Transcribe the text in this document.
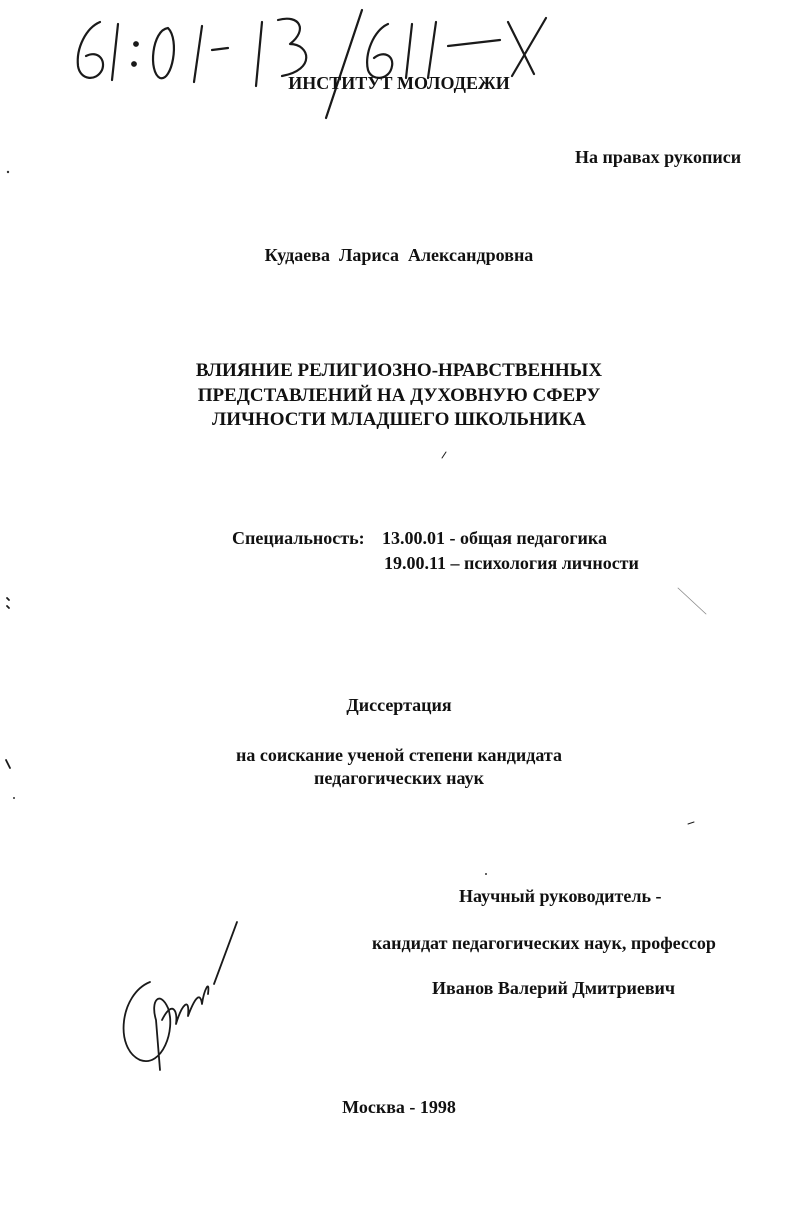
ИНСТИТУТ МОЛОДЕЖИ
На правах рукописи
Кудаева  Лариса  Александровна
ВЛИЯНИЕ РЕЛИГИОЗНО-НРАВСТВЕННЫХ
ПРЕДСТАВЛЕНИЙ НА ДУХОВНУЮ СФЕРУ
ЛИЧНОСТИ МЛАДШЕГО ШКОЛЬНИКА
Специальность: 13.00.01 - общая педагогика
19.00.11 – психология личности
Диссертация
на соискание ученой степени кандидата
педагогических наук
Научный руководитель -
кандидат педагогических наук, профессор
Иванов Валерий Дмитриевич
Москва - 1998
